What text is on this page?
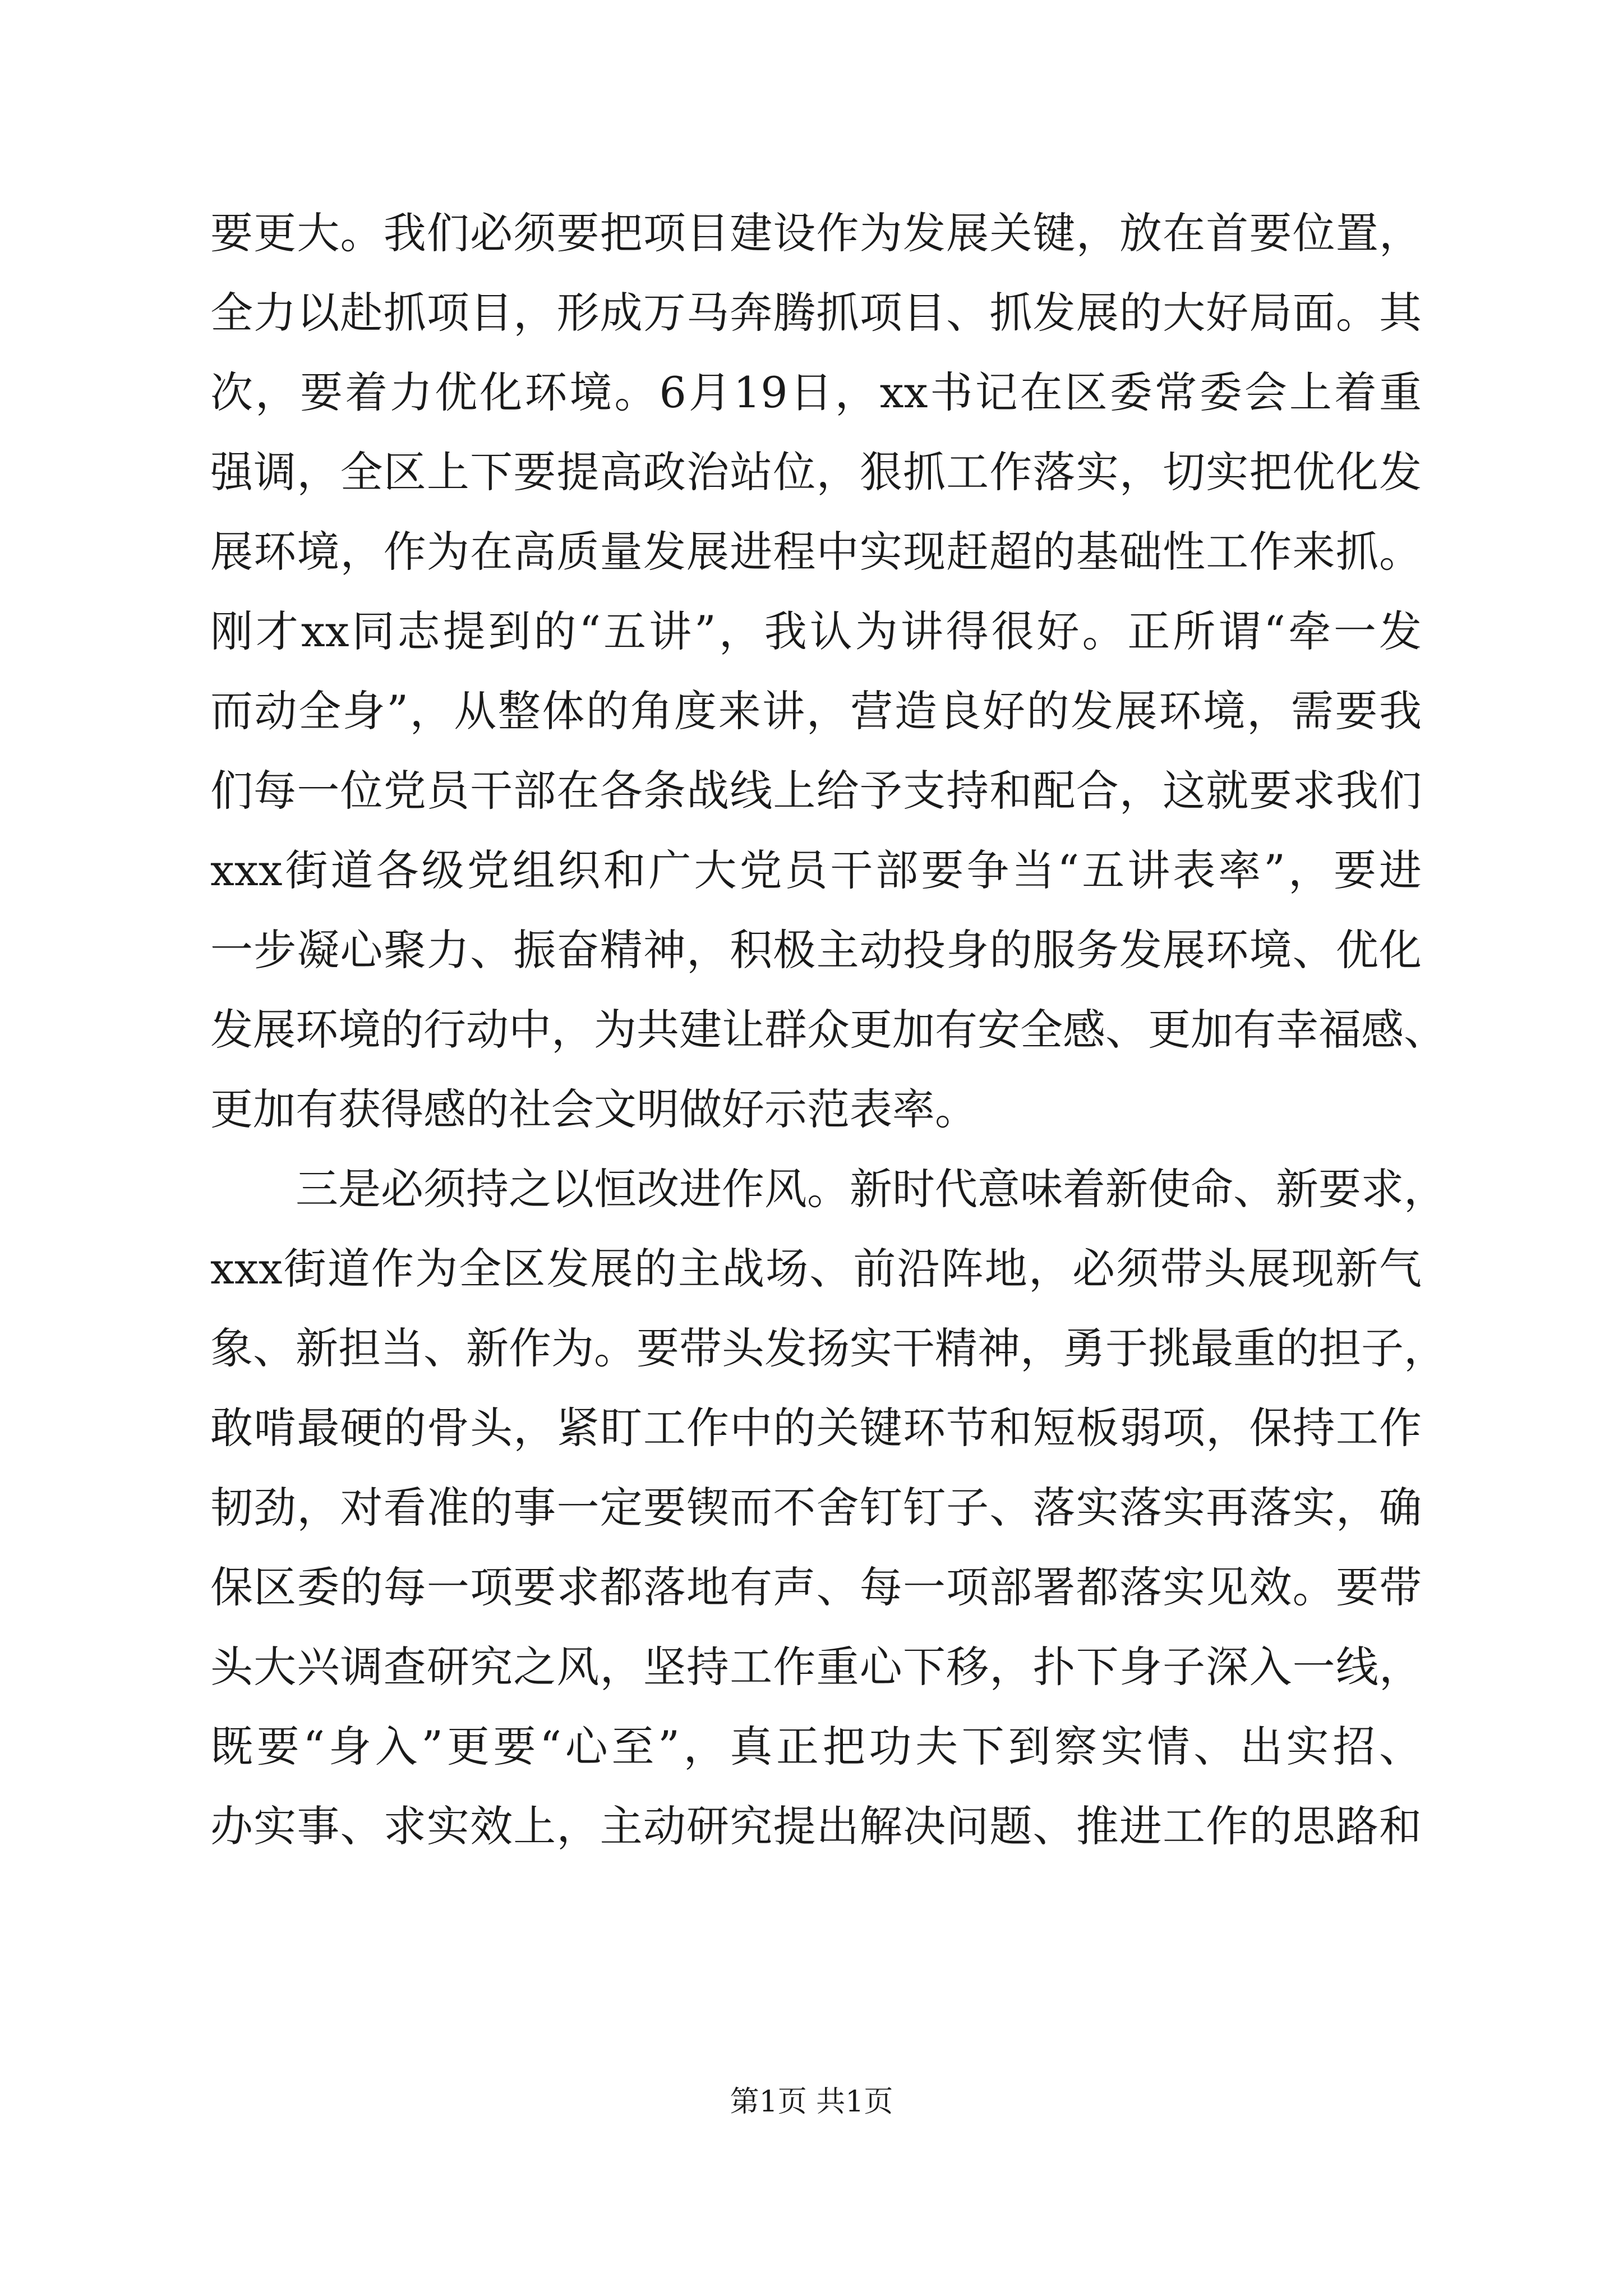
要更大。我们必须要把项目建设作为发展关键，放在首要位置，
全力以赴抓项目，形成万马奔腾抓项目、抓发展的大好局面。其
次，要着力优化环境。6月19日，xx书记在区委常委会上着重
强调，全区上下要提高政治站位，狠抓工作落实，切实把优化发
展环境，作为在高质量发展进程中实现赶超的基础性工作来抓。
刚才xx同志提到的“五讲”，我认为讲得很好。正所谓“牵一发
而动全身”，从整体的角度来讲，营造良好的发展环境，需要我
们每一位党员干部在各条战线上给予支持和配合，这就要求我们
xxx街道各级党组织和广大党员干部要争当“五讲表率”，要进
一步凝心聚力、振奋精神，积极主动投身的服务发展环境、优化
发展环境的行动中，为共建让群众更加有安全感、更加有幸福感、
更加有获得感的社会文明做好示范表率。
　　三是必须持之以恒改进作风。新时代意味着新使命、新要求，
xxx街道作为全区发展的主战场、前沿阵地，必须带头展现新气
象、新担当、新作为。要带头发扬实干精神，勇于挑最重的担子，
敢啃最硬的骨头，紧盯工作中的关键环节和短板弱项，保持工作
韧劲，对看准的事一定要锲而不舍钉钉子、落实落实再落实，确
保区委的每一项要求都落地有声、每一项部署都落实见效。要带
头大兴调查研究之风，坚持工作重心下移，扑下身子深入一线，
既要“身入”更要“心至”，真正把功夫下到察实情、出实招、
办实事、求实效上，主动研究提出解决问题、推进工作的思路和
第1页 共1页
